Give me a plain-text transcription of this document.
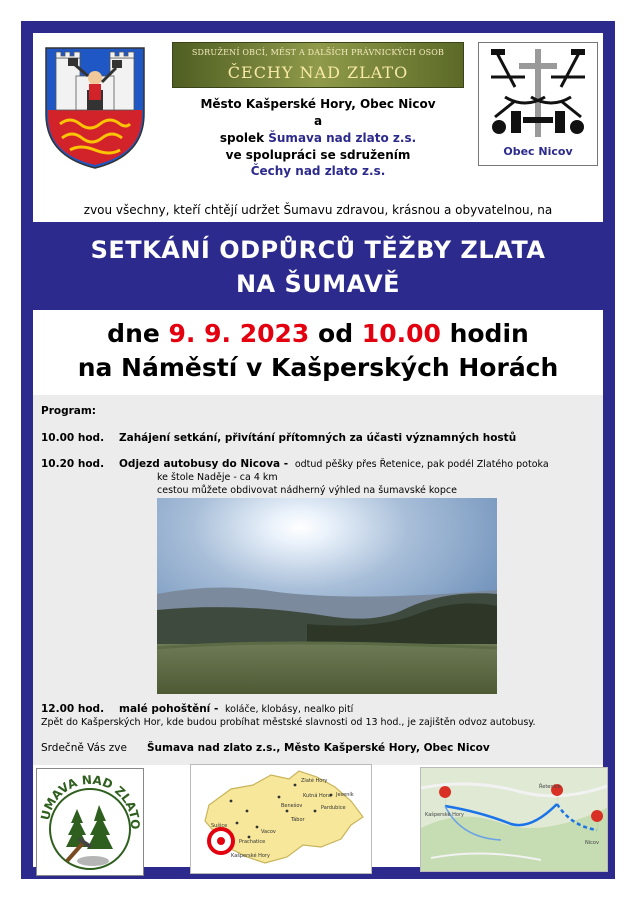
SDRUŽENÍ OBCÍ, MĚST A DALŠÍCH PRÁVNICKÝCH OSOB
ČECHY NAD ZLATO
Město Kašperské Hory, Obec Nicov
a
spolek Šumava nad zlato z.s.
ve spolupráci se sdružením
Čechy nad zlato z.s.
Obec Nicov
zvou všechny, kteří chtějí udržet Šumavu zdravou, krásnou a obyvatelnou, na
SETKÁNÍ ODPŮRCŮ TĚŽBY ZLATA
NA ŠUMAVĚ
dne 9. 9. 2023 od 10.00 hodin
na Náměstí v Kašperských Horách
Program:
10.00 hod. Zahájení setkání, přivítání přítomných za účasti významných hostů
10.20 hod. Odjezd autobusy do Nicova - odtud pěšky přes Řetenice, pak podél Zlatého potoka
ke štole Naděje - ca 4 km
cestou můžete obdivovat nádherný výhled na šumavské kopce
12.00 hod. malé pohoštění - koláče, klobásy, nealko pití
Zpět do Kašperských Hor, kde budou probíhat městské slavnosti od 13 hod., je zajištěn odvoz autobusy.
Srdečně Vás zve Šumava nad zlato z.s., Město Kašperské Hory, Obec Nicov
UMAVA NAD ZLATO
Zlaté Hory
Jeseník
Sušice
Kašperské Hory
Vacov
Prachatice
Benešov
Tábor
Kutná Hora
Pardubice
Kašperské Hory
Řetenice
Nicov
